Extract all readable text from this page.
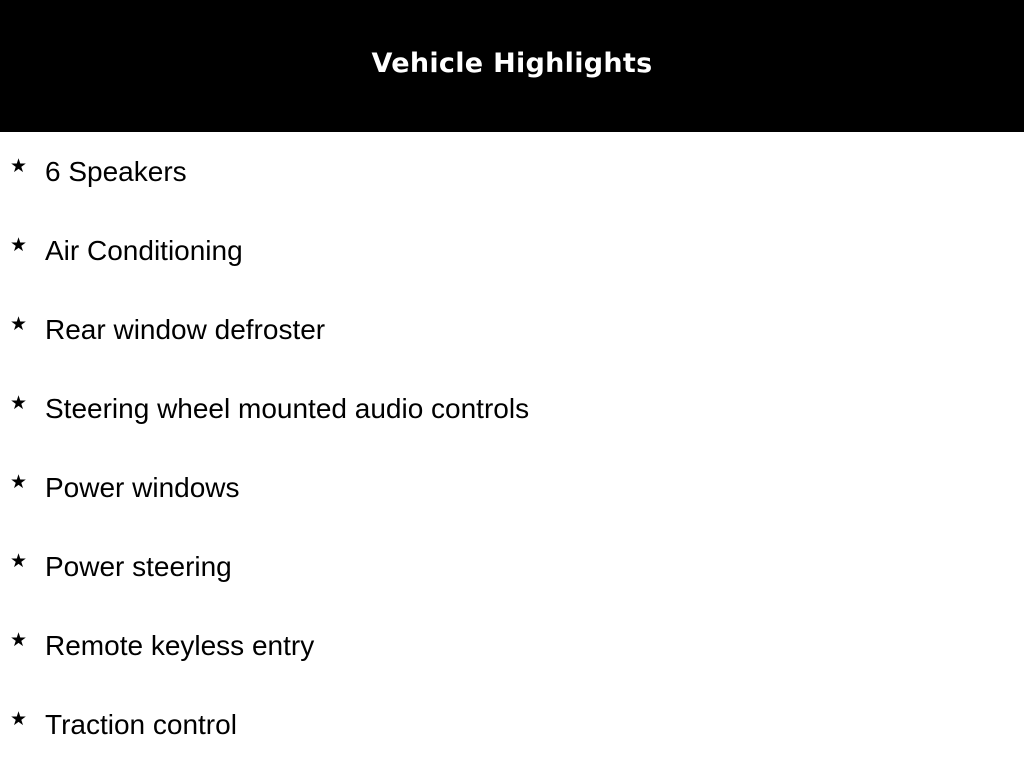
Vehicle Highlights
★ 6 Speakers
★ Air Conditioning
★ Rear window defroster
★ Steering wheel mounted audio controls
★ Power windows
★ Power steering
★ Remote keyless entry
★ Traction control
